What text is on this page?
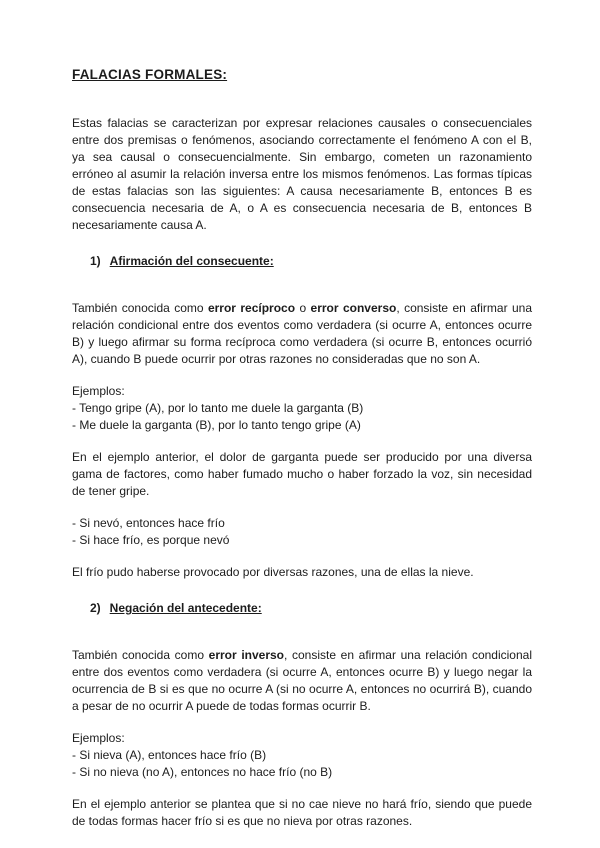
FALACIAS FORMALES:

Estas falacias se caracterizan por expresar relaciones causales o consecuenciales entre dos premisas o fenómenos, asociando correctamente el fenómeno A con el B, ya sea causal o consecuencialmente. Sin embargo, cometen un razonamiento erróneo al asumir la relación inversa entre los mismos fenómenos. Las formas típicas de estas falacias son las siguientes: A causa necesariamente B, entonces B es consecuencia necesaria de A, o A es consecuencia necesaria de B, entonces B necesariamente causa A.

1) Afirmación del consecuente:

También conocida como error recíproco o error converso, consiste en afirmar una relación condicional entre dos eventos como verdadera (si ocurre A, entonces ocurre B) y luego afirmar su forma recíproca como verdadera (si ocurre B, entonces ocurrió A), cuando B puede ocurrir por otras razones no consideradas que no son A.

Ejemplos:

- Tengo gripe (A), por lo tanto me duele la garganta (B)

- Me duele la garganta (B), por lo tanto tengo gripe (A)

En el ejemplo anterior, el dolor de garganta puede ser producido por una diversa gama de factores, como haber fumado mucho o haber forzado la voz, sin necesidad de tener gripe.

- Si nevó, entonces hace frío

- Si hace frío, es porque nevó

El frío pudo haberse provocado por diversas razones, una de ellas la nieve.

2) Negación del antecedente:

También conocida como error inverso, consiste en afirmar una relación condicional entre dos eventos como verdadera (si ocurre A, entonces ocurre B) y luego negar la ocurrencia de B si es que no ocurre A (si no ocurre A, entonces no ocurrirá B), cuando a pesar de no ocurrir A puede de todas formas ocurrir B.

Ejemplos:

- Si nieva (A), entonces hace frío (B)

- Si no nieva (no A), entonces no hace frío (no B)

En el ejemplo anterior se plantea que si no cae nieve no hará frío, siendo que puede de todas formas hacer frío si es que no nieva por otras razones.
